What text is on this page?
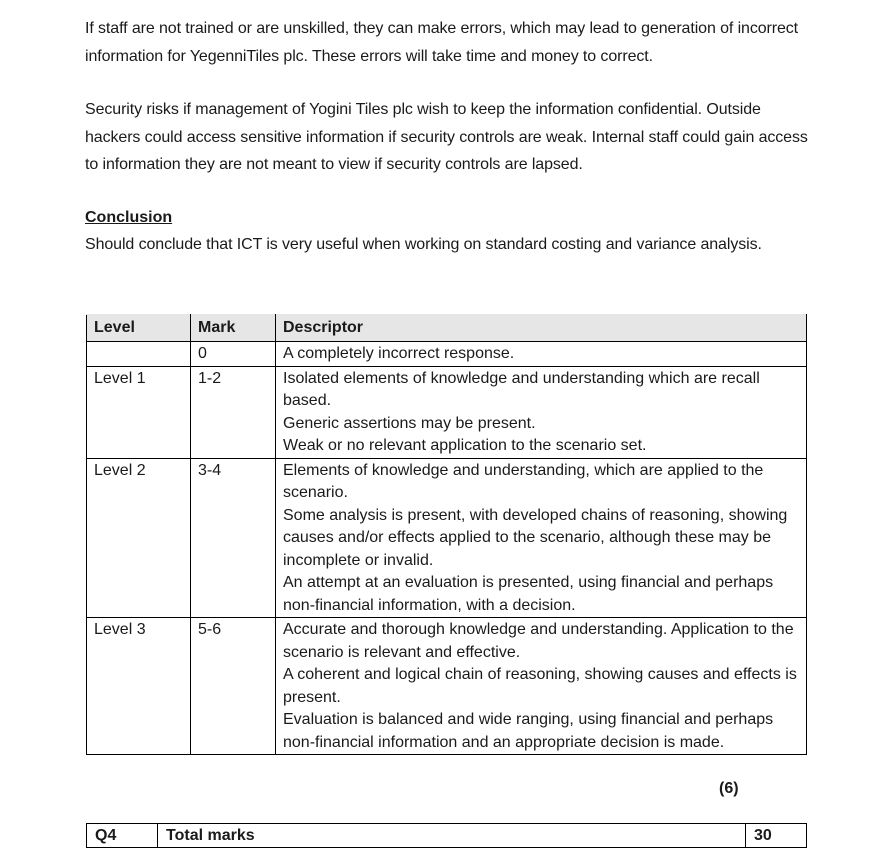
If staff are not trained or are unskilled, they can make errors, which may lead to generation of incorrect information for YegenniTiles plc. These errors will take time and money to correct.

Security risks if management of Yogini Tiles plc wish to keep the information confidential. Outside hackers could access sensitive information if security controls are weak. Internal staff could gain access to information they are not meant to view if security controls are lapsed.

Conclusion

Should conclude that ICT is very useful when working on standard costing and variance analysis.

Level	Mark	Descriptor
	0	A completely incorrect response.

Level 1	1-2	Isolated elements of knowledge and understanding which are recall based.
Generic assertions may be present.
Weak or no relevant application to the scenario set.

Level 2	3-4	Elements of knowledge and understanding, which are applied to the scenario.
Some analysis is present, with developed chains of reasoning, showing causes and/or effects applied to the scenario, although these may be incomplete or invalid.
An attempt at an evaluation is presented, using financial and perhaps non-financial information, with a decision.

Level 3	5-6	Accurate and thorough knowledge and understanding. Application to the scenario is relevant and effective.
A coherent and logical chain of reasoning, showing causes and effects is present.
Evaluation is balanced and wide ranging, using financial and perhaps non-financial information and an appropriate decision is made.
(6)
Q4	Total marks	30
